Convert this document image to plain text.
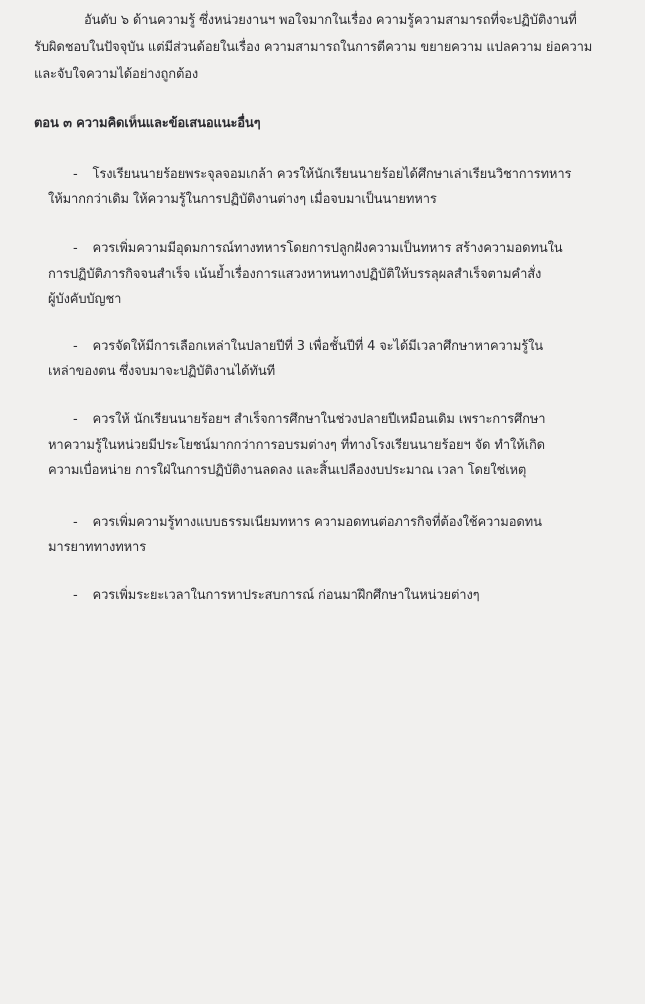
อันดับ ๖ ด้านความรู้ ซึ่งหน่วยงานฯ พอใจมากในเรื่อง ความรู้ความสามารถที่จะปฏิบัติงานที่
รับผิดชอบในปัจจุบัน แต่มีส่วนด้อยในเรื่อง ความสามารถในการตีความ ขยายความ แปลความ ย่อความ
และจับใจความได้อย่างถูกต้อง
ตอน ๓ ความคิดเห็นและข้อเสนอแนะอื่นๆ
- โรงเรียนนายร้อยพระจุลจอมเกล้า ควรให้นักเรียนนายร้อยได้ศึกษาเล่าเรียนวิชาการทหาร
ให้มากกว่าเดิม ให้ความรู้ในการปฏิบัติงานต่างๆ เมื่อจบมาเป็นนายทหาร
- ควรเพิ่มความมีอุดมการณ์ทางทหารโดยการปลูกฝังความเป็นทหาร สร้างความอดทนใน
การปฏิบัติภารกิจจนสำเร็จ เน้นย้ำเรื่องการแสวงหาหนทางปฏิบัติให้บรรลุผลสำเร็จตามคำสั่ง
ผู้บังคับบัญชา
- ควรจัดให้มีการเลือกเหล่าในปลายปีที่ 3 เพื่อชั้นปีที่ 4 จะได้มีเวลาศึกษาหาความรู้ใน
เหล่าของตน ซึ่งจบมาจะปฏิบัติงานได้ทันที
- ควรให้ นักเรียนนายร้อยฯ สำเร็จการศึกษาในช่วงปลายปีเหมือนเดิม เพราะการศึกษา
หาความรู้ในหน่วยมีประโยชน์มากกว่าการอบรมต่างๆ ที่ทางโรงเรียนนายร้อยฯ จัด ทำให้เกิด
ความเบื่อหน่าย การใฝ่ในการปฏิบัติงานลดลง และสิ้นเปลืองงบประมาณ เวลา โดยใช่เหตุ
- ควรเพิ่มความรู้ทางแบบธรรมเนียมทหาร ความอดทนต่อภารกิจที่ต้องใช้ความอดทน
มารยาททางทหาร
- ควรเพิ่มระยะเวลาในการหาประสบการณ์ ก่อนมาฝึกศึกษาในหน่วยต่างๆ
